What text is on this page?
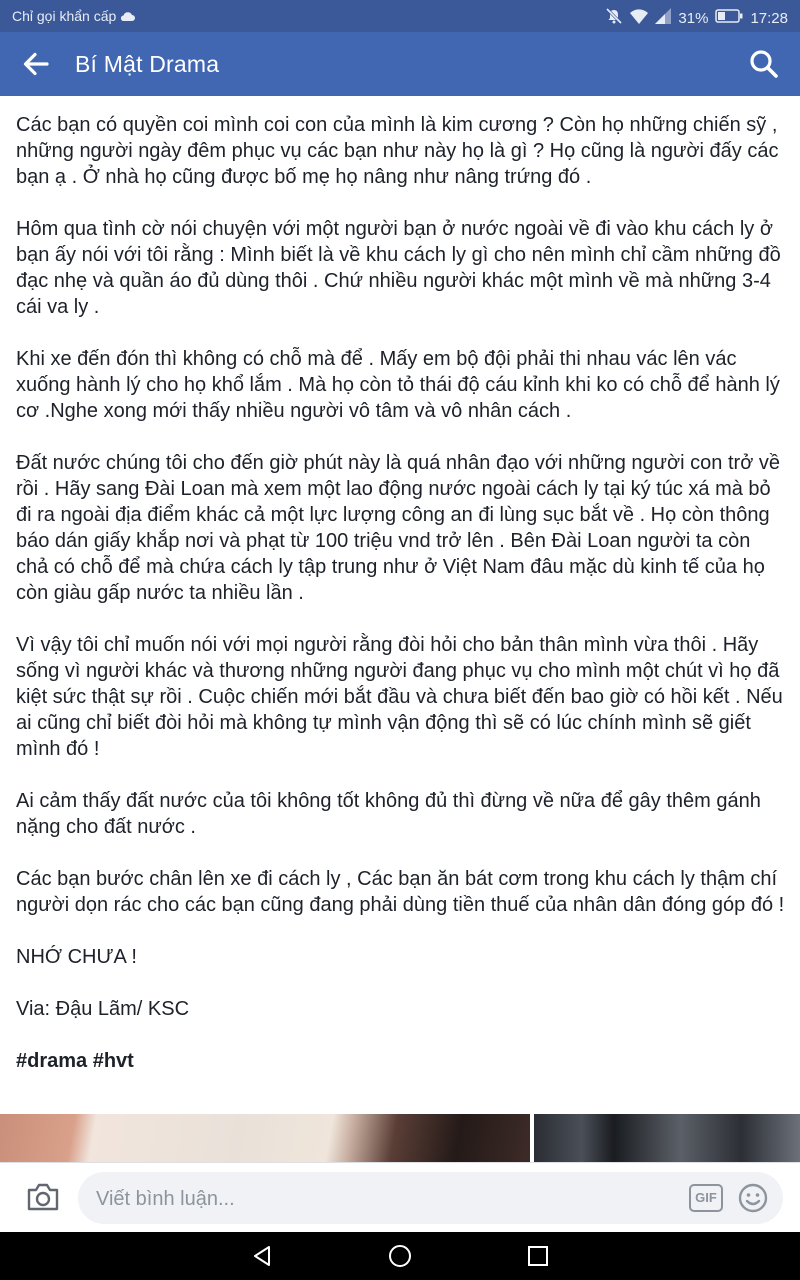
Chỉ gọi khẩn cấp	31%	17:28
Bí Mật Drama

Các bạn có quyền coi mình coi con của mình là kim cương ? Còn họ những chiến sỹ , những người ngày đêm phục vụ các bạn như này họ là gì ? Họ cũng là người đấy các bạn ạ . Ở nhà họ cũng được bố mẹ họ nâng như nâng trứng đó .

Hôm qua tình cờ nói chuyện với một người bạn ở nước ngoài về đi vào khu cách ly ở bạn ấy nói với tôi rằng : Mình biết là về khu cách ly gì cho nên mình chỉ cầm những đồ đạc nhẹ và quần áo đủ dùng thôi . Chứ nhiều người khác một mình về mà những 3-4 cái va ly .

Khi xe đến đón thì không có chỗ mà để . Mấy em bộ đội phải thi nhau vác lên vác xuống hành lý cho họ khổ lắm . Mà họ còn tỏ thái độ cáu kỉnh khi ko có chỗ để hành lý cơ .Nghe xong mới thấy nhiều người vô tâm và vô nhân cách .

Đất nước chúng tôi cho đến giờ phút này là quá nhân đạo với những người con trở về rồi . Hãy sang Đài Loan mà xem một lao động nước ngoài cách ly tại ký túc xá mà bỏ đi ra ngoài địa điểm khác cả một lực lượng công an đi lùng sục bắt về . Họ còn thông báo dán giấy khắp nơi và phạt từ 100 triệu vnd trở lên . Bên Đài Loan người ta còn chả có chỗ để mà chứa cách ly tập trung như ở Việt Nam đâu mặc dù kinh tế của họ còn giàu gấp nước ta nhiều lần .

Vì vậy tôi chỉ muốn nói với mọi người rằng đòi hỏi cho bản thân mình vừa thôi . Hãy sống vì người khác và thương những người đang phục vụ cho mình một chút vì họ đã kiệt sức thật sự rồi . Cuộc chiến mới bắt đầu và chưa biết đến bao giờ có hồi kết . Nếu ai cũng chỉ biết đòi hỏi mà không tự mình vận động thì sẽ có lúc chính mình sẽ giết mình đó !

Ai cảm thấy đất nước của tôi không tốt không đủ thì đừng về nữa để gây thêm gánh nặng cho đất nước .

Các bạn bước chân lên xe đi cách ly , Các bạn ăn bát cơm trong khu cách ly thậm chí người dọn rác cho các bạn cũng đang phải dùng tiền thuế của nhân dân đóng góp đó !

NHỚ CHƯA !

Via: Đậu Lãm/ KSC

#drama #hvt

Viết bình luận...
GIF
